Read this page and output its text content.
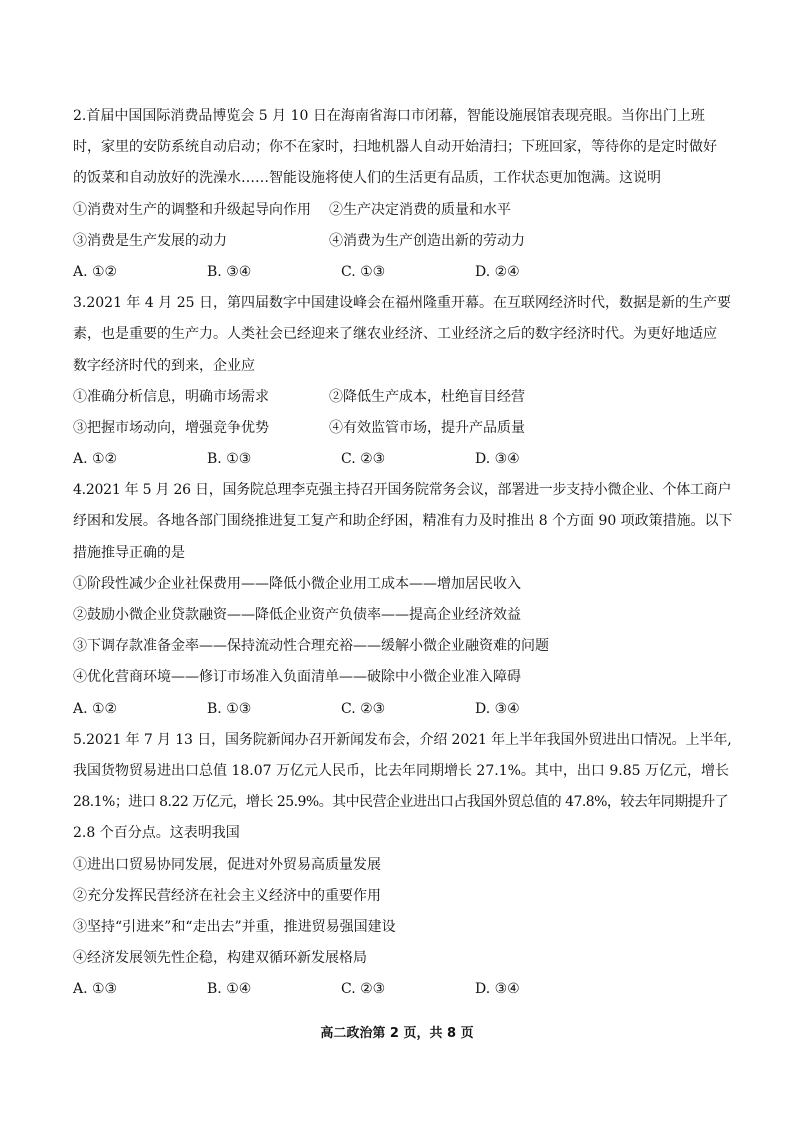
2.首届中国国际消费品博览会 5 月 10 日在海南省海口市闭幕，智能设施展馆表现亮眼。当你出门上班
时，家里的安防系统自动启动；你不在家时，扫地机器人自动开始清扫；下班回家，等待你的是定时做好
的饭菜和自动放好的洗澡水……智能设施将使人们的生活更有品质，工作状态更加饱满。这说明
①消费对生产的调整和升级起导向作用	②生产决定消费的质量和水平
③消费是生产发展的动力	④消费为生产创造出新的劳动力
A. ①②	B. ③④	C. ①③	D. ②④
3.2021 年 4 月 25 日，第四届数字中国建设峰会在福州隆重开幕。在互联网经济时代，数据是新的生产要
素，也是重要的生产力。人类社会已经迎来了继农业经济、工业经济之后的数字经济时代。为更好地适应
数字经济时代的到来，企业应
①准确分析信息，明确市场需求	②降低生产成本，杜绝盲目经营
③把握市场动向，增强竞争优势	④有效监管市场，提升产品质量
A. ①②	B. ①③	C. ②③	D. ③④
4.2021 年 5 月 26 日，国务院总理李克强主持召开国务院常务会议，部署进一步支持小微企业、个体工商户
纾困和发展。各地各部门围绕推进复工复产和助企纾困，精准有力及时推出 8 个方面 90 项政策措施。以下
措施推导正确的是
①阶段性减少企业社保费用——降低小微企业用工成本——增加居民收入
②鼓励小微企业贷款融资——降低企业资产负债率——提高企业经济效益
③下调存款准备金率——保持流动性合理充裕——缓解小微企业融资难的问题
④优化营商环境——修订市场准入负面清单——破除中小微企业准入障碍
A. ①②	B. ①③	C. ②③	D. ③④
5.2021 年 7 月 13 日，国务院新闻办召开新闻发布会，介绍 2021 年上半年我国外贸进出口情况。上半年,
我国货物贸易进出口总值 18.07 万亿元人民币，比去年同期增长 27.1%。其中，出口 9.85 万亿元，增长
28.1%；进口 8.22 万亿元，增长 25.9%。其中民营企业进出口占我国外贸总值的 47.8%，较去年同期提升了
2.8 个百分点。这表明我国
①进出口贸易协同发展，促进对外贸易高质量发展
②充分发挥民营经济在社会主义经济中的重要作用
③坚持“引进来”和“走出去”并重，推进贸易强国建设
④经济发展领先性企稳，构建双循环新发展格局
A. ①③	B. ①④	C. ②③	D. ③④
高二政治第 2 页，共 8 页
